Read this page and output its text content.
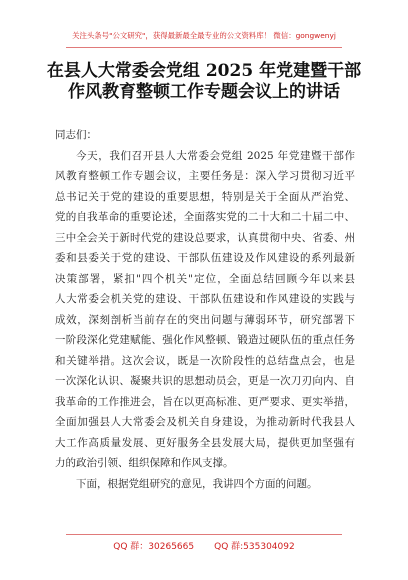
关注头条号"公文研究"，获得最新最全最专业的公文资料库！ 微信：gongwenyj
在县人大常委会党组 2025 年党建暨干部
作风教育整顿工作专题会议上的讲话
同志们：
今天，我们召开县人大常委会党组 2025 年党建暨干部作
风教育整顿工作专题会议，主要任务是：深入学习贯彻习近平
总书记关于党的建设的重要思想，特别是关于全面从严治党、
党的自我革命的重要论述，全面落实党的二十大和二十届二中、
三中全会关于新时代党的建设总要求，认真贯彻中央、省委、州
委和县委关于党的建设、干部队伍建设及作风建设的系列最新
决策部署，紧扣"四个机关"定位，全面总结回顾今年以来县
人大常委会机关党的建设、干部队伍建设和作风建设的实践与
成效，深刻剖析当前存在的突出问题与薄弱环节，研究部署下
一阶段深化党建赋能、强化作风整顿、锻造过硬队伍的重点任务
和关键举措。这次会议，既是一次阶段性的总结盘点会，也是
一次深化认识、凝聚共识的思想动员会，更是一次刀刃向内、自
我革命的工作推进会，旨在以更高标准、更严要求、更实举措，
全面加强县人大常委会及机关自身建设，为推动新时代我县人
大工作高质量发展、更好服务全县发展大局，提供更加坚强有
力的政治引领、组织保障和作风支撑。
下面，根据党组研究的意见，我讲四个方面的问题。
QQ 群：30265665 QQ 群:535304092
